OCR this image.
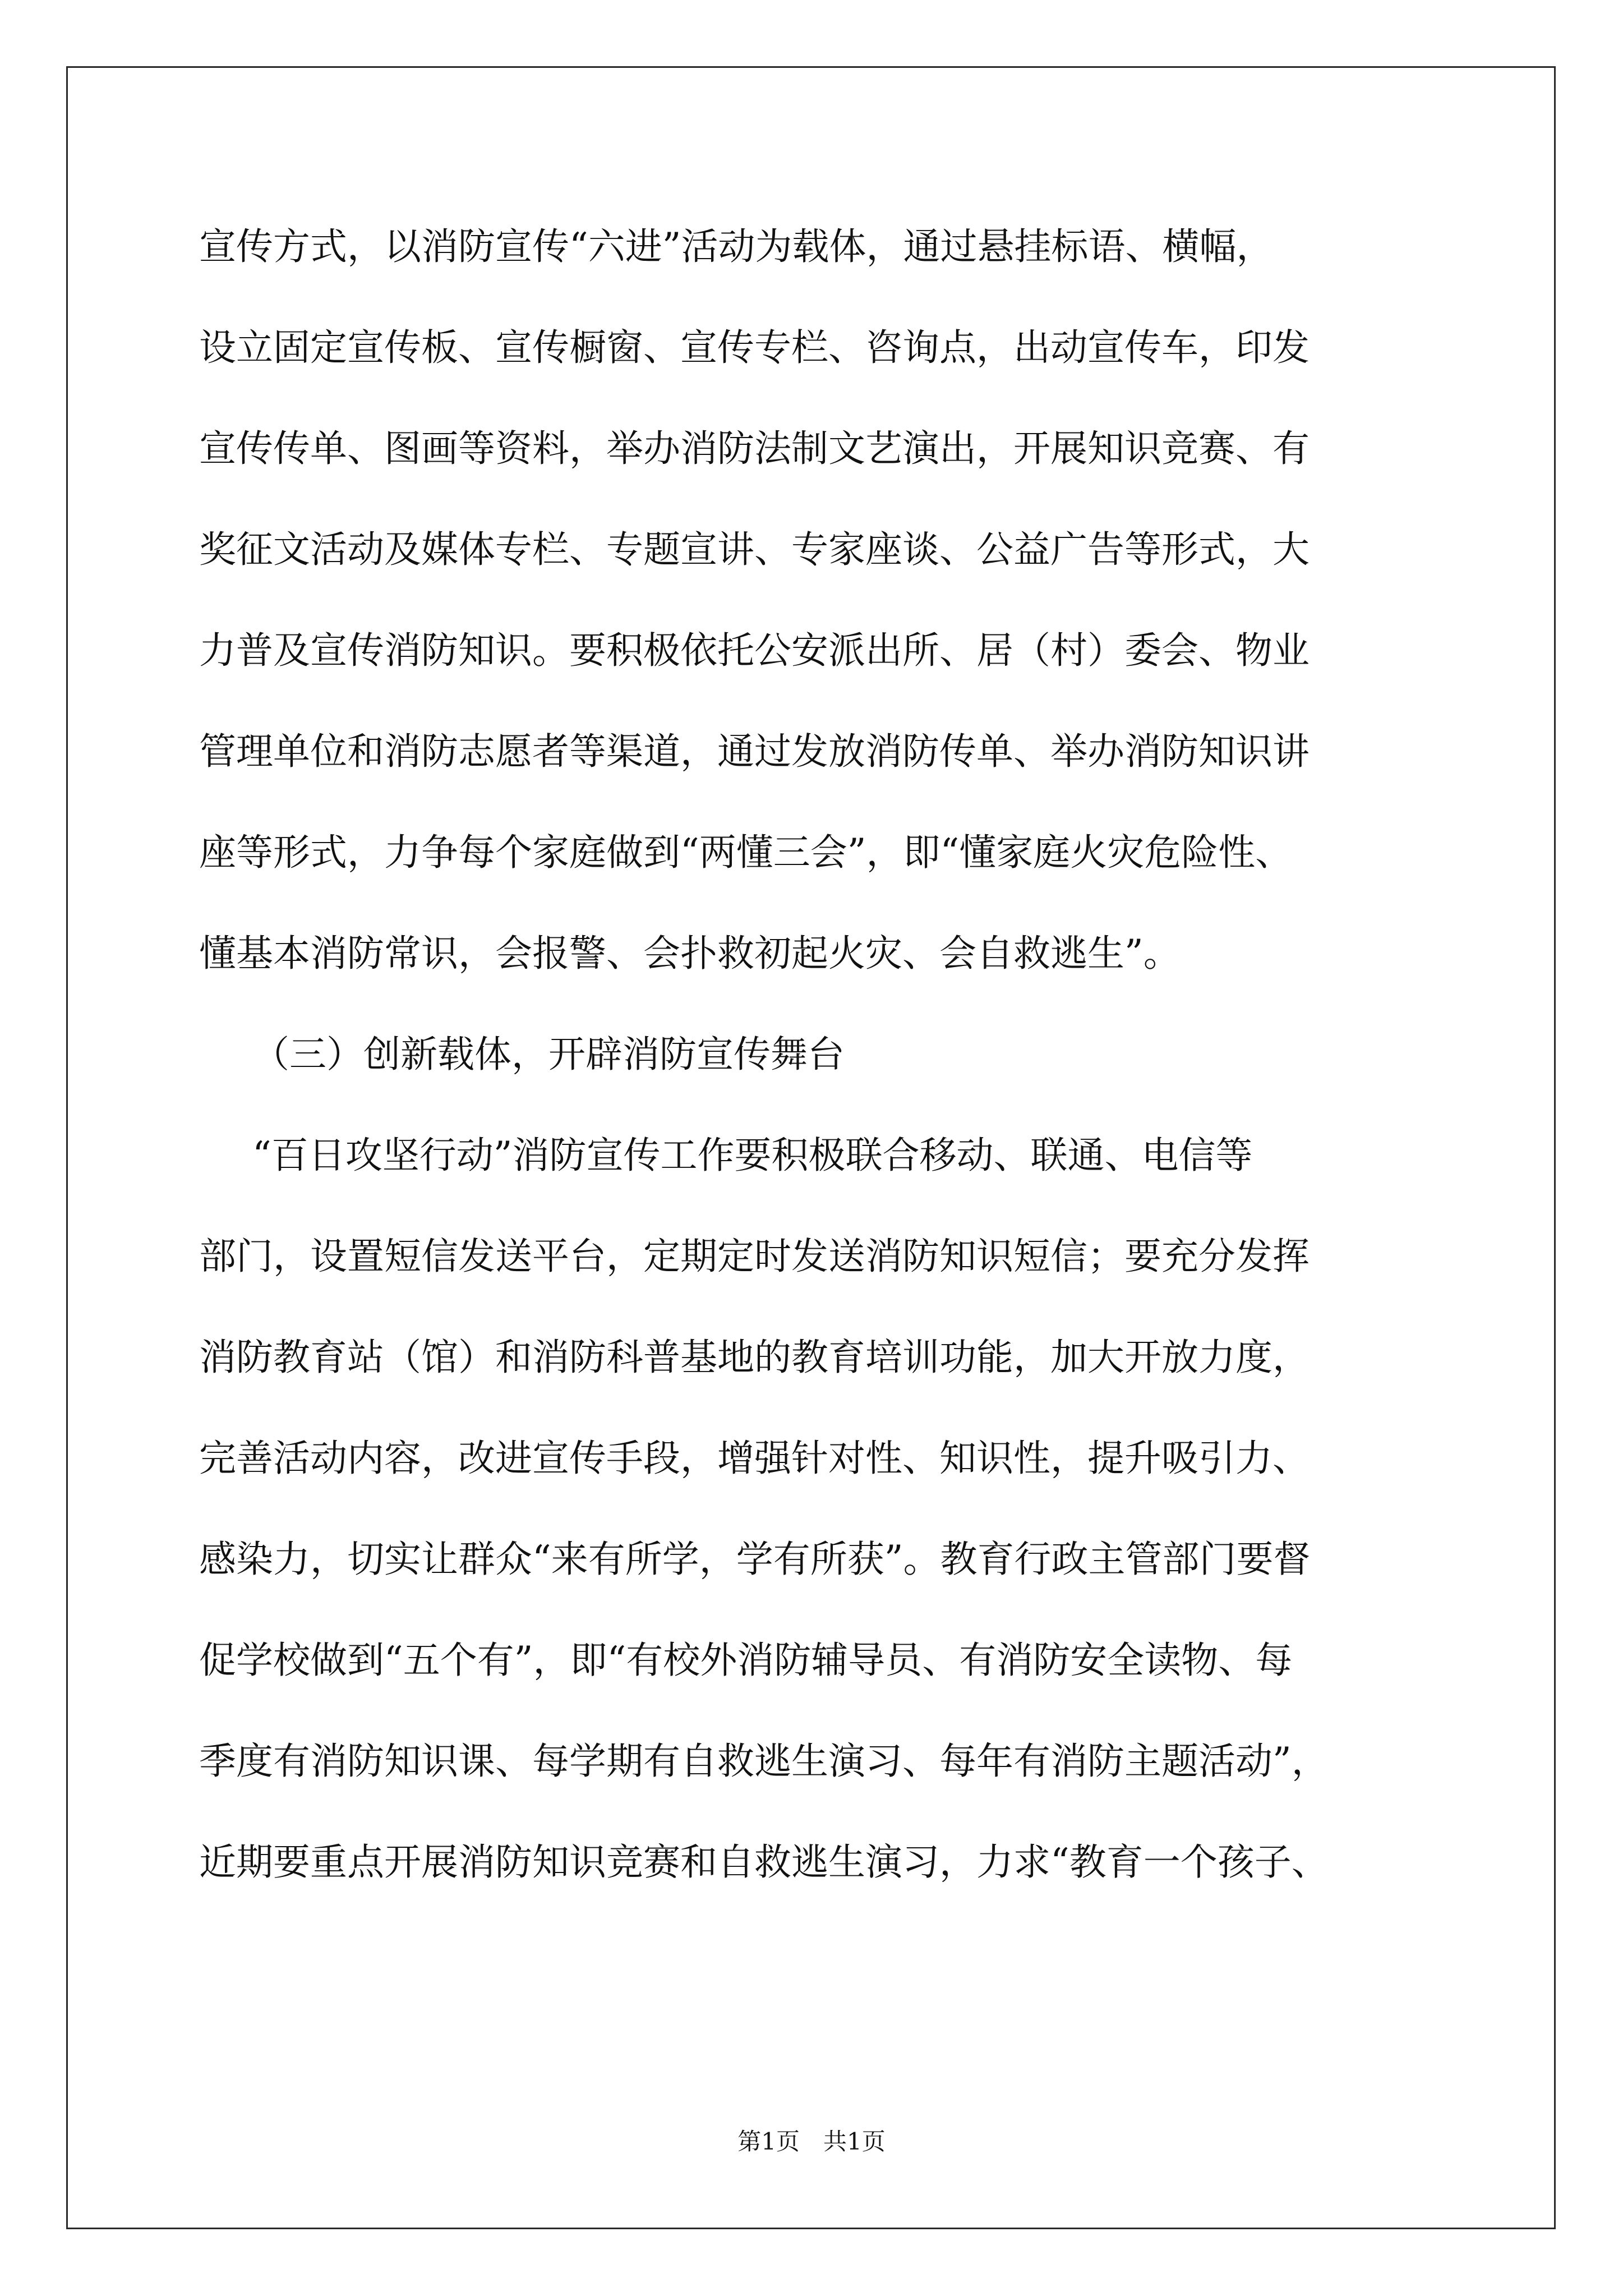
宣传方式，以消防宣传“六进”活动为载体，通过悬挂标语、横幅，
设立固定宣传板、宣传橱窗、宣传专栏、咨询点，出动宣传车，印发
宣传传单、图画等资料，举办消防法制文艺演出，开展知识竞赛、有
奖征文活动及媒体专栏、专题宣讲、专家座谈、公益广告等形式，大
力普及宣传消防知识。要积极依托公安派出所、居（村）委会、物业
管理单位和消防志愿者等渠道，通过发放消防传单、举办消防知识讲
座等形式，力争每个家庭做到“两懂三会”，即“懂家庭火灾危险性、
懂基本消防常识，会报警、会扑救初起火灾、会自救逃生”。
（三）创新载体，开辟消防宣传舞台
“百日攻坚行动”消防宣传工作要积极联合移动、联通、电信等
部门，设置短信发送平台，定期定时发送消防知识短信；要充分发挥
消防教育站（馆）和消防科普基地的教育培训功能，加大开放力度，
完善活动内容，改进宣传手段，增强针对性、知识性，提升吸引力、
感染力，切实让群众“来有所学，学有所获”。教育行政主管部门要督
促学校做到“五个有”，即“有校外消防辅导员、有消防安全读物、每
季度有消防知识课、每学期有自救逃生演习、每年有消防主题活动”，
近期要重点开展消防知识竞赛和自救逃生演习，力求“教育一个孩子、
第1页　共1页
